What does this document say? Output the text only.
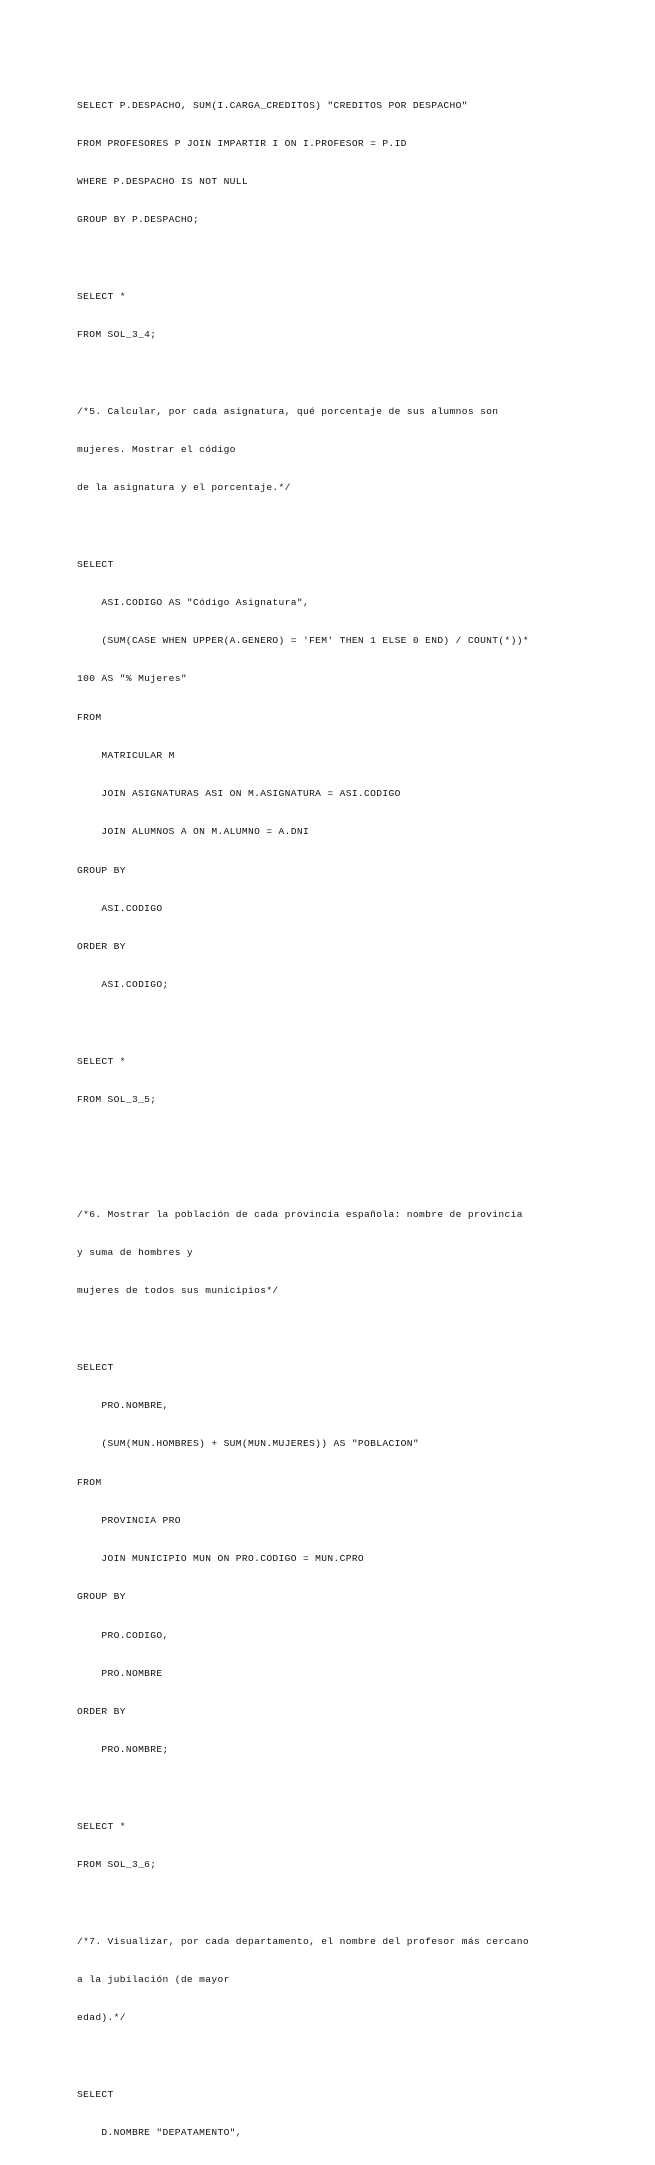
SELECT P.DESPACHO, SUM(I.CARGA_CREDITOS) "CREDITOS POR DESPACHO"

FROM PROFESORES P JOIN IMPARTIR I ON I.PROFESOR = P.ID

WHERE P.DESPACHO IS NOT NULL

GROUP BY P.DESPACHO;

SELECT *

FROM SOL_3_4;

/*5. Calcular, por cada asignatura, qué porcentaje de sus alumnos son

mujeres. Mostrar el código

de la asignatura y el porcentaje.*/

SELECT

ASI.CODIGO AS "Código Asignatura",

(SUM(CASE WHEN UPPER(A.GENERO) = 'FEM' THEN 1 ELSE 0 END) / COUNT(*))*

100 AS "% Mujeres"

FROM

MATRICULAR M

JOIN ASIGNATURAS ASI ON M.ASIGNATURA = ASI.CODIGO

JOIN ALUMNOS A ON M.ALUMNO = A.DNI

GROUP BY

ASI.CODIGO

ORDER BY

ASI.CODIGO;

SELECT *

FROM SOL_3_5;

/*6. Mostrar la población de cada provincia española: nombre de provincia

y suma de hombres y

mujeres de todos sus municipios*/

SELECT

PRO.NOMBRE,

(SUM(MUN.HOMBRES) + SUM(MUN.MUJERES)) AS "POBLACION"

FROM

PROVINCIA PRO

JOIN MUNICIPIO MUN ON PRO.CODIGO = MUN.CPRO

GROUP BY

PRO.CODIGO,

PRO.NOMBRE

ORDER BY

PRO.NOMBRE;

SELECT *

FROM SOL_3_6;

/*7. Visualizar, por cada departamento, el nombre del profesor más cercano

a la jubilación (de mayor

edad).*/

SELECT

D.NOMBRE "DEPATAMENTO",
